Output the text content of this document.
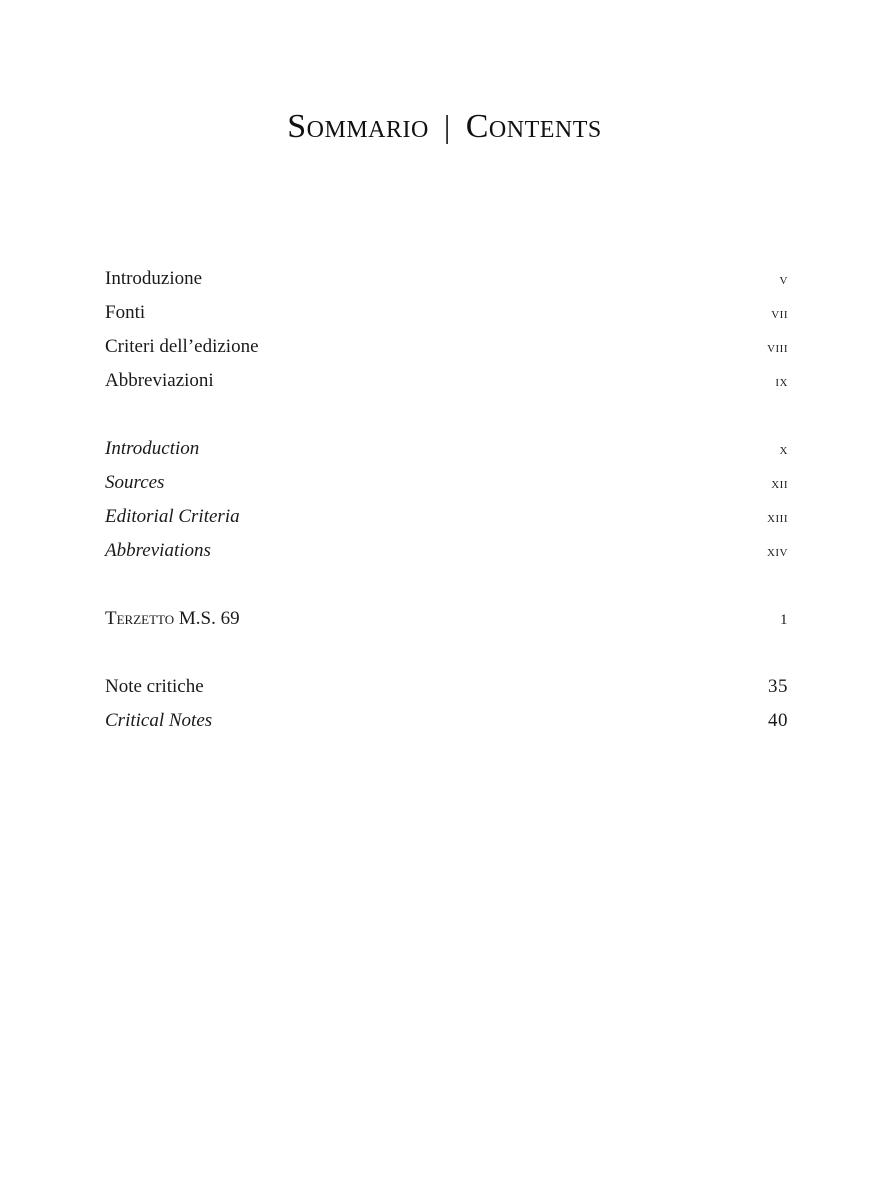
Sommario | Contents
Introduzione	v
Fonti	vii
Criteri dell’edizione	viii
Abbreviazioni	ix
Introduction	x
Sources	xii
Editorial Criteria	xiii
Abbreviations	xiv
Terzetto M.S. 69	1
Note critiche	35
Critical Notes	40
